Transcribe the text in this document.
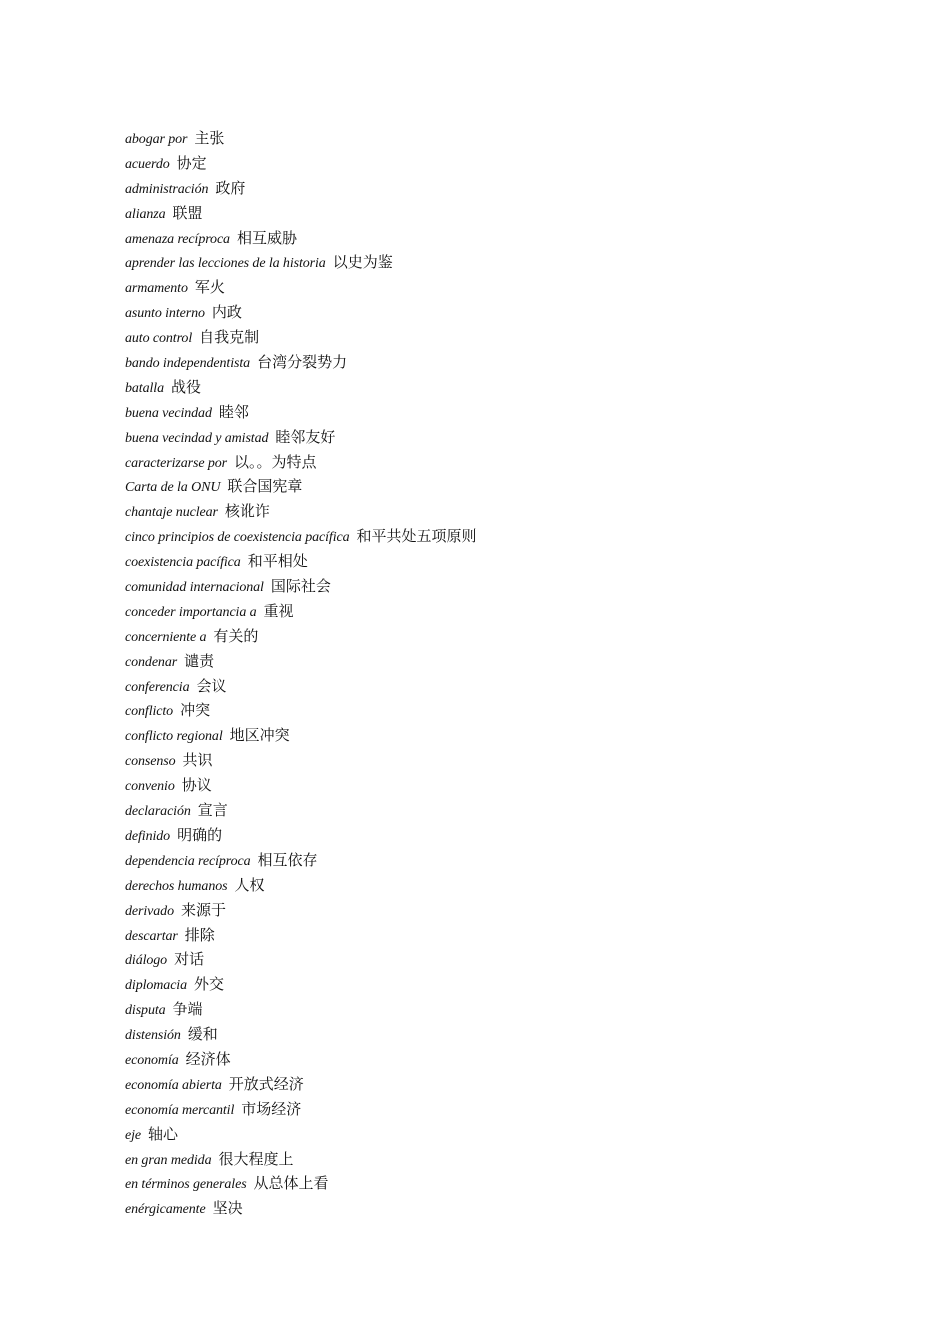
abogar por 主张
acuerdo 协定
administración 政府
alianza 联盟
amenaza recíproca 相互威胁
aprender las lecciones de la historia 以史为鉴
armamento 军火
asunto interno 内政
auto control 自我克制
bando independentista 台湾分裂势力
batalla 战役
buena vecindad 睦邻
buena vecindad y amistad 睦邻友好
caracterizarse por 以。。为特点
Carta de la ONU 联合国宪章
chantaje nuclear 核讹诈
cinco principios de coexistencia pacífica 和平共处五项原则
coexistencia pacífica 和平相处
comunidad internacional 国际社会
conceder importancia a 重视
concerniente a 有关的
condenar 谴责
conferencia 会议
conflicto 冲突
conflicto regional 地区冲突
consenso 共识
convenio 协议
declaración 宣言
definido 明确的
dependencia recíproca 相互依存
derechos humanos 人权
derivado 来源于
descartar 排除
diálogo 对话
diplomacia 外交
disputa 争端
distensión 缓和
economía 经济体
economía abierta 开放式经济
economía mercantil 市场经济
eje 轴心
en gran medida 很大程度上
en términos generales 从总体上看
enérgicamente 坚决
